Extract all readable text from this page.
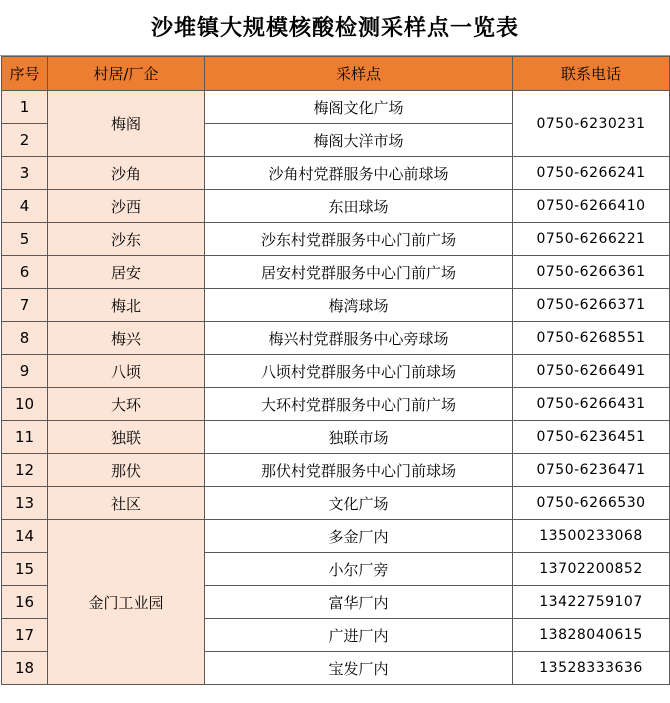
沙堆镇大规模核酸检测采样点一览表
序号	村居/厂企	采样点	联系电话
1	梅阁	梅阁文化广场	0750-6230231
2		梅阁大洋市场	
3	沙角	沙角村党群服务中心前球场	0750-6266241
4	沙西	东田球场	0750-6266410
5	沙东	沙东村党群服务中心门前广场	0750-6266221
6	居安	居安村党群服务中心门前广场	0750-6266361
7	梅北	梅湾球场	0750-6266371
8	梅兴	梅兴村党群服务中心旁球场	0750-6268551
9	八顷	八顷村党群服务中心门前球场	0750-6266491
10	大环	大环村党群服务中心门前广场	0750-6266431
11	独联	独联市场	0750-6236451
12	那伏	那伏村党群服务中心门前球场	0750-6236471
13	社区	文化广场	0750-6266530
14	金门工业园	多金厂内	13500233068
15		小尔厂旁	13702200852
16		富华厂内	13422759107
17		广进厂内	13828040615
18		宝发厂内	13528333636
